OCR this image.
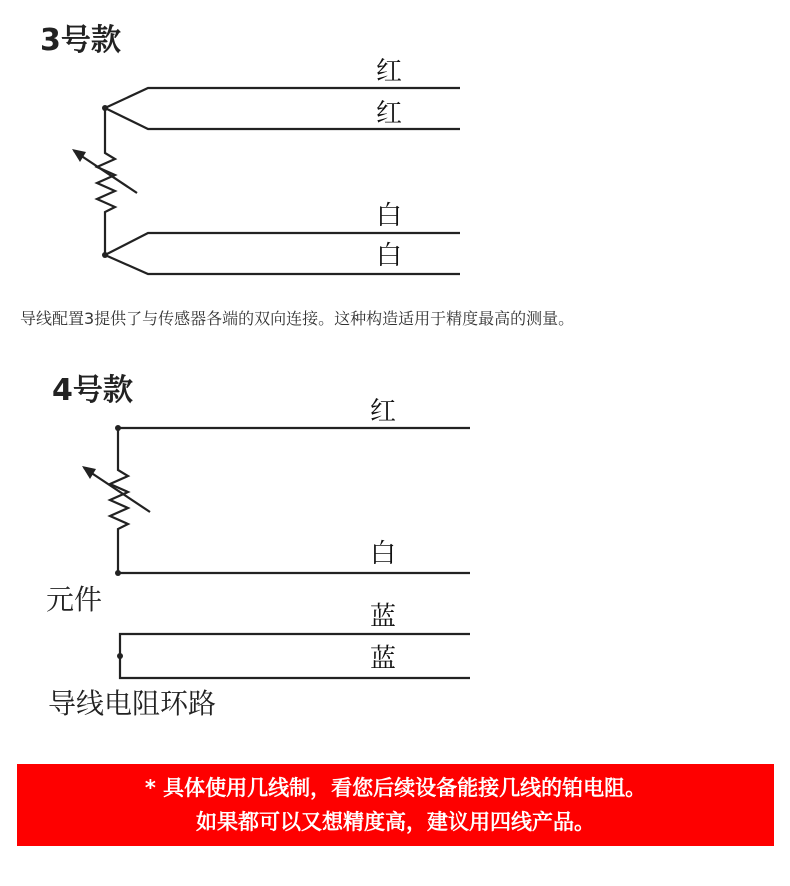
3号款
红
红
白
白
导线配置3提供了与传感器各端的双向连接。这种构造适用于精度最高的测量。
4号款
红
白
蓝
蓝
元件
导线电阻环路
* 具体使用几线制，看您后续设备能接几线的铂电阻。
如果都可以又想精度高，建议用四线产品。
